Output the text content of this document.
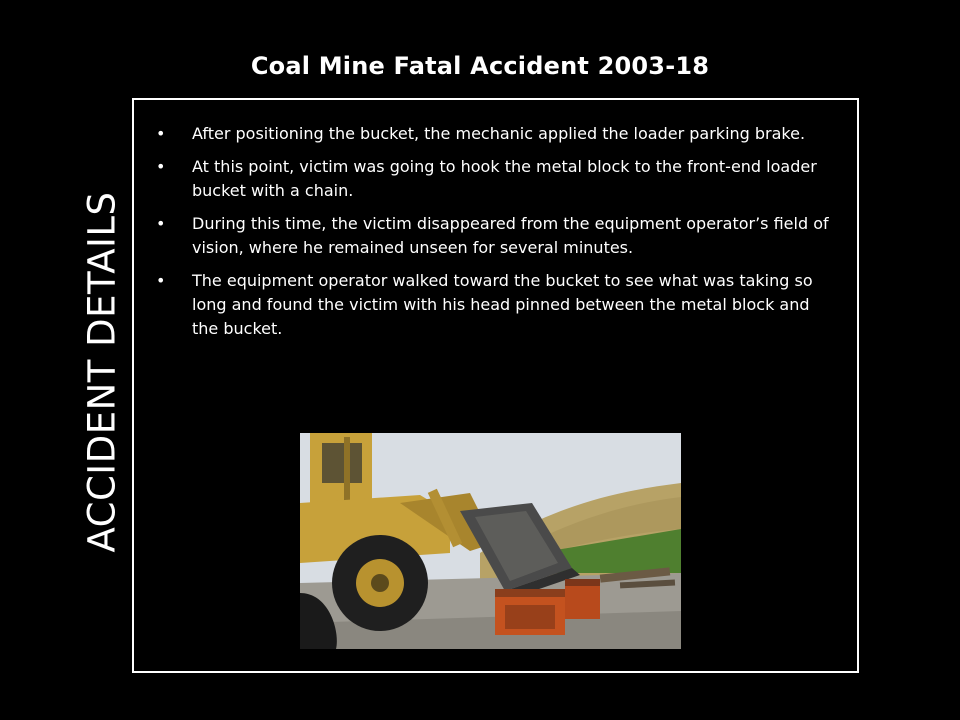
Coal Mine Fatal Accident 2003-18
ACCIDENT DETAILS
• After positioning the bucket, the mechanic applied the loader parking brake.
• At this point, victim was going to hook the metal block to the front-end loader bucket with a chain.
• During this time, the victim disappeared from the equipment operator’s field of vision, where he remained unseen for several minutes.
• The equipment operator walked toward the bucket to see what was taking so long and found the victim with his head pinned between the metal block and the bucket.
